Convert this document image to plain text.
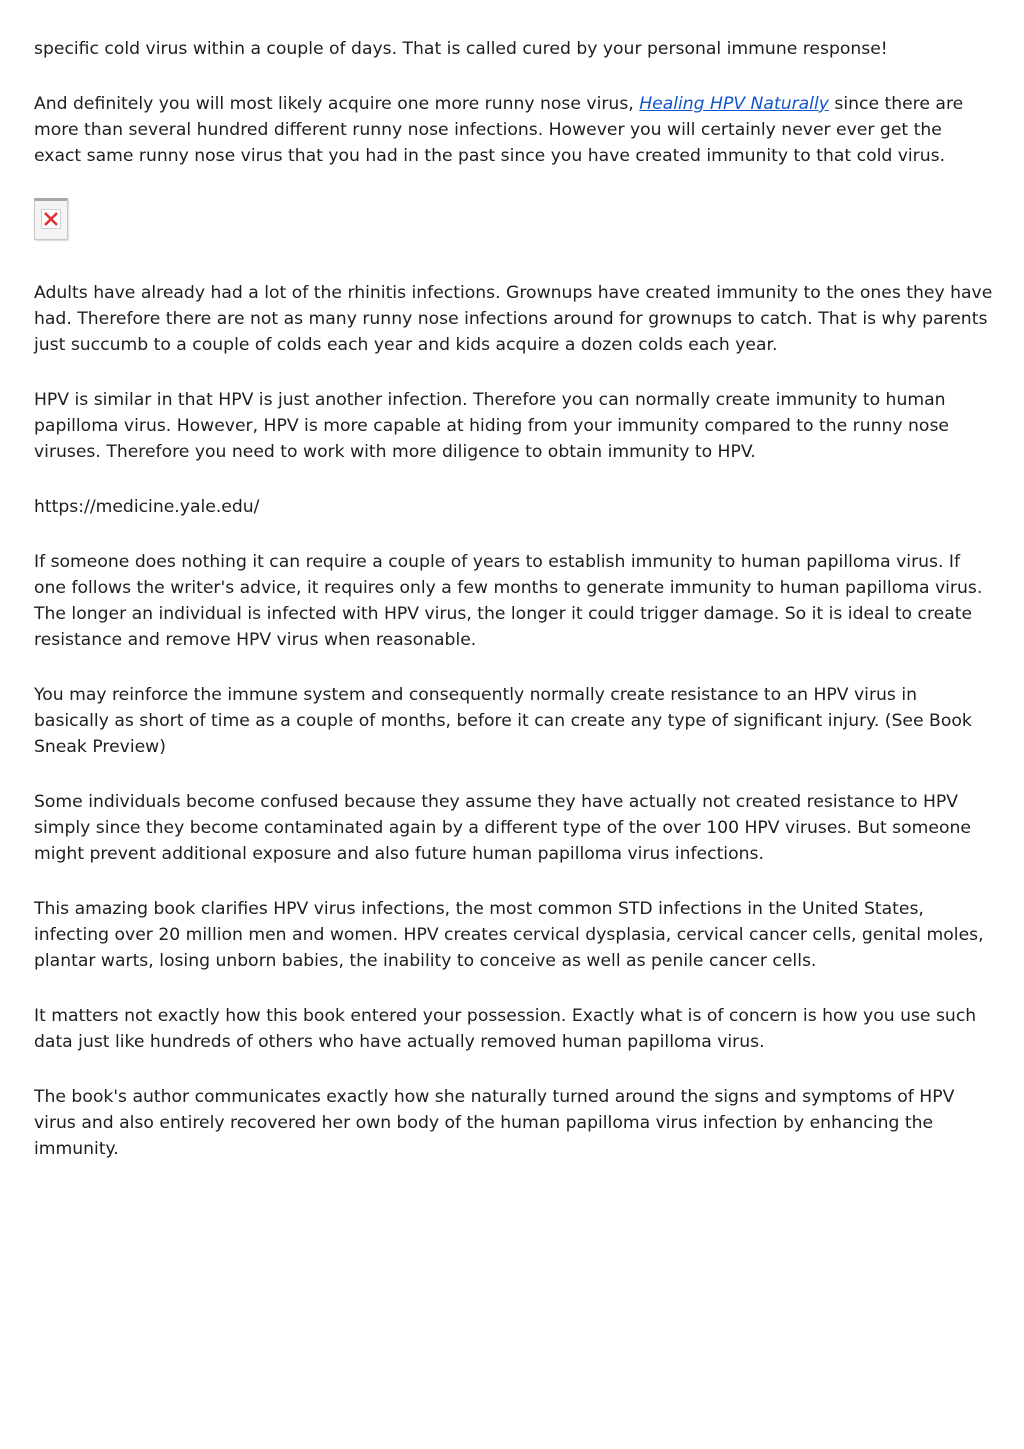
specific cold virus within a couple of days. That is called cured by your personal immune response!

And definitely you will most likely acquire one more runny nose virus, Healing HPV Naturally since there are more than several hundred different runny nose infections. However you will certainly never ever get the exact same runny nose virus that you had in the past since you have created immunity to that cold virus.

Adults have already had a lot of the rhinitis infections. Grownups have created immunity to the ones they have had. Therefore there are not as many runny nose infections around for grownups to catch. That is why parents just succumb to a couple of colds each year and kids acquire a dozen colds each year.

HPV is similar in that HPV is just another infection. Therefore you can normally create immunity to human papilloma virus. However, HPV is more capable at hiding from your immunity compared to the runny nose viruses. Therefore you need to work with more diligence to obtain immunity to HPV.

https://medicine.yale.edu/

If someone does nothing it can require a couple of years to establish immunity to human papilloma virus. If one follows the writer's advice, it requires only a few months to generate immunity to human papilloma virus. The longer an individual is infected with HPV virus, the longer it could trigger damage. So it is ideal to create resistance and remove HPV virus when reasonable.

You may reinforce the immune system and consequently normally create resistance to an HPV virus in basically as short of time as a couple of months, before it can create any type of significant injury. (See Book Sneak Preview)

Some individuals become confused because they assume they have actually not created resistance to HPV simply since they become contaminated again by a different type of the over 100 HPV viruses. But someone might prevent additional exposure and also future human papilloma virus infections.

This amazing book clarifies HPV virus infections, the most common STD infections in the United States, infecting over 20 million men and women. HPV creates cervical dysplasia, cervical cancer cells, genital moles, plantar warts, losing unborn babies, the inability to conceive as well as penile cancer cells.

It matters not exactly how this book entered your possession. Exactly what is of concern is how you use such data just like hundreds of others who have actually removed human papilloma virus.

The book's author communicates exactly how she naturally turned around the signs and symptoms of HPV virus and also entirely recovered her own body of the human papilloma virus infection by enhancing the immunity.
